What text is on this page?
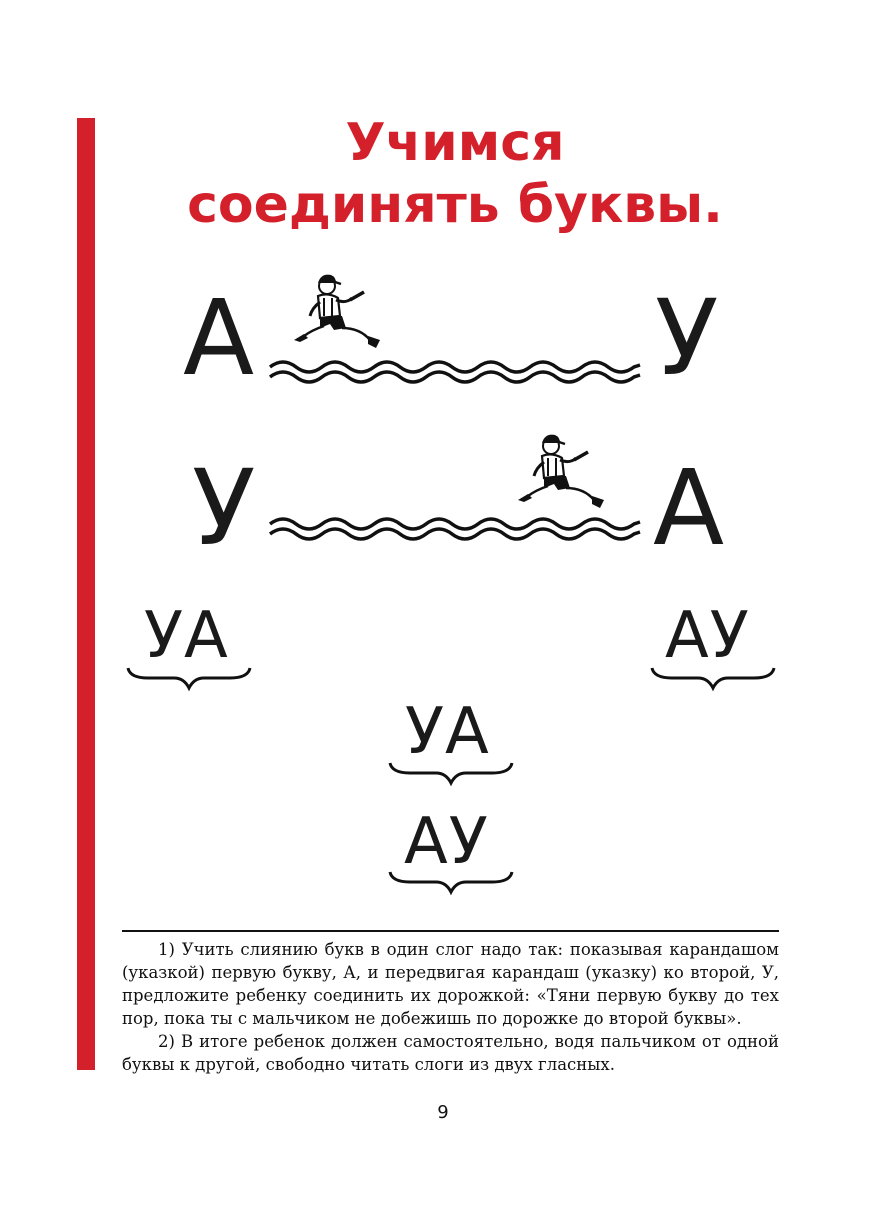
Учимся
соединять буквы.
А	У
У	А
УА	АУ
УА
АУ
1) Учить слиянию букв в один слог надо так: показывая карандашом (указкой) первую букву, А, и передвигая карандаш (указку) ко второй, У, предложите ребенку соединить их дорожкой: «Тяни первую букву до тех пор, пока ты с мальчиком не добежишь по дорожке до второй буквы».
2) В итоге ребенок должен самостоятельно, водя пальчиком от одной буквы к другой, свободно читать слоги из двух гласных.
9
